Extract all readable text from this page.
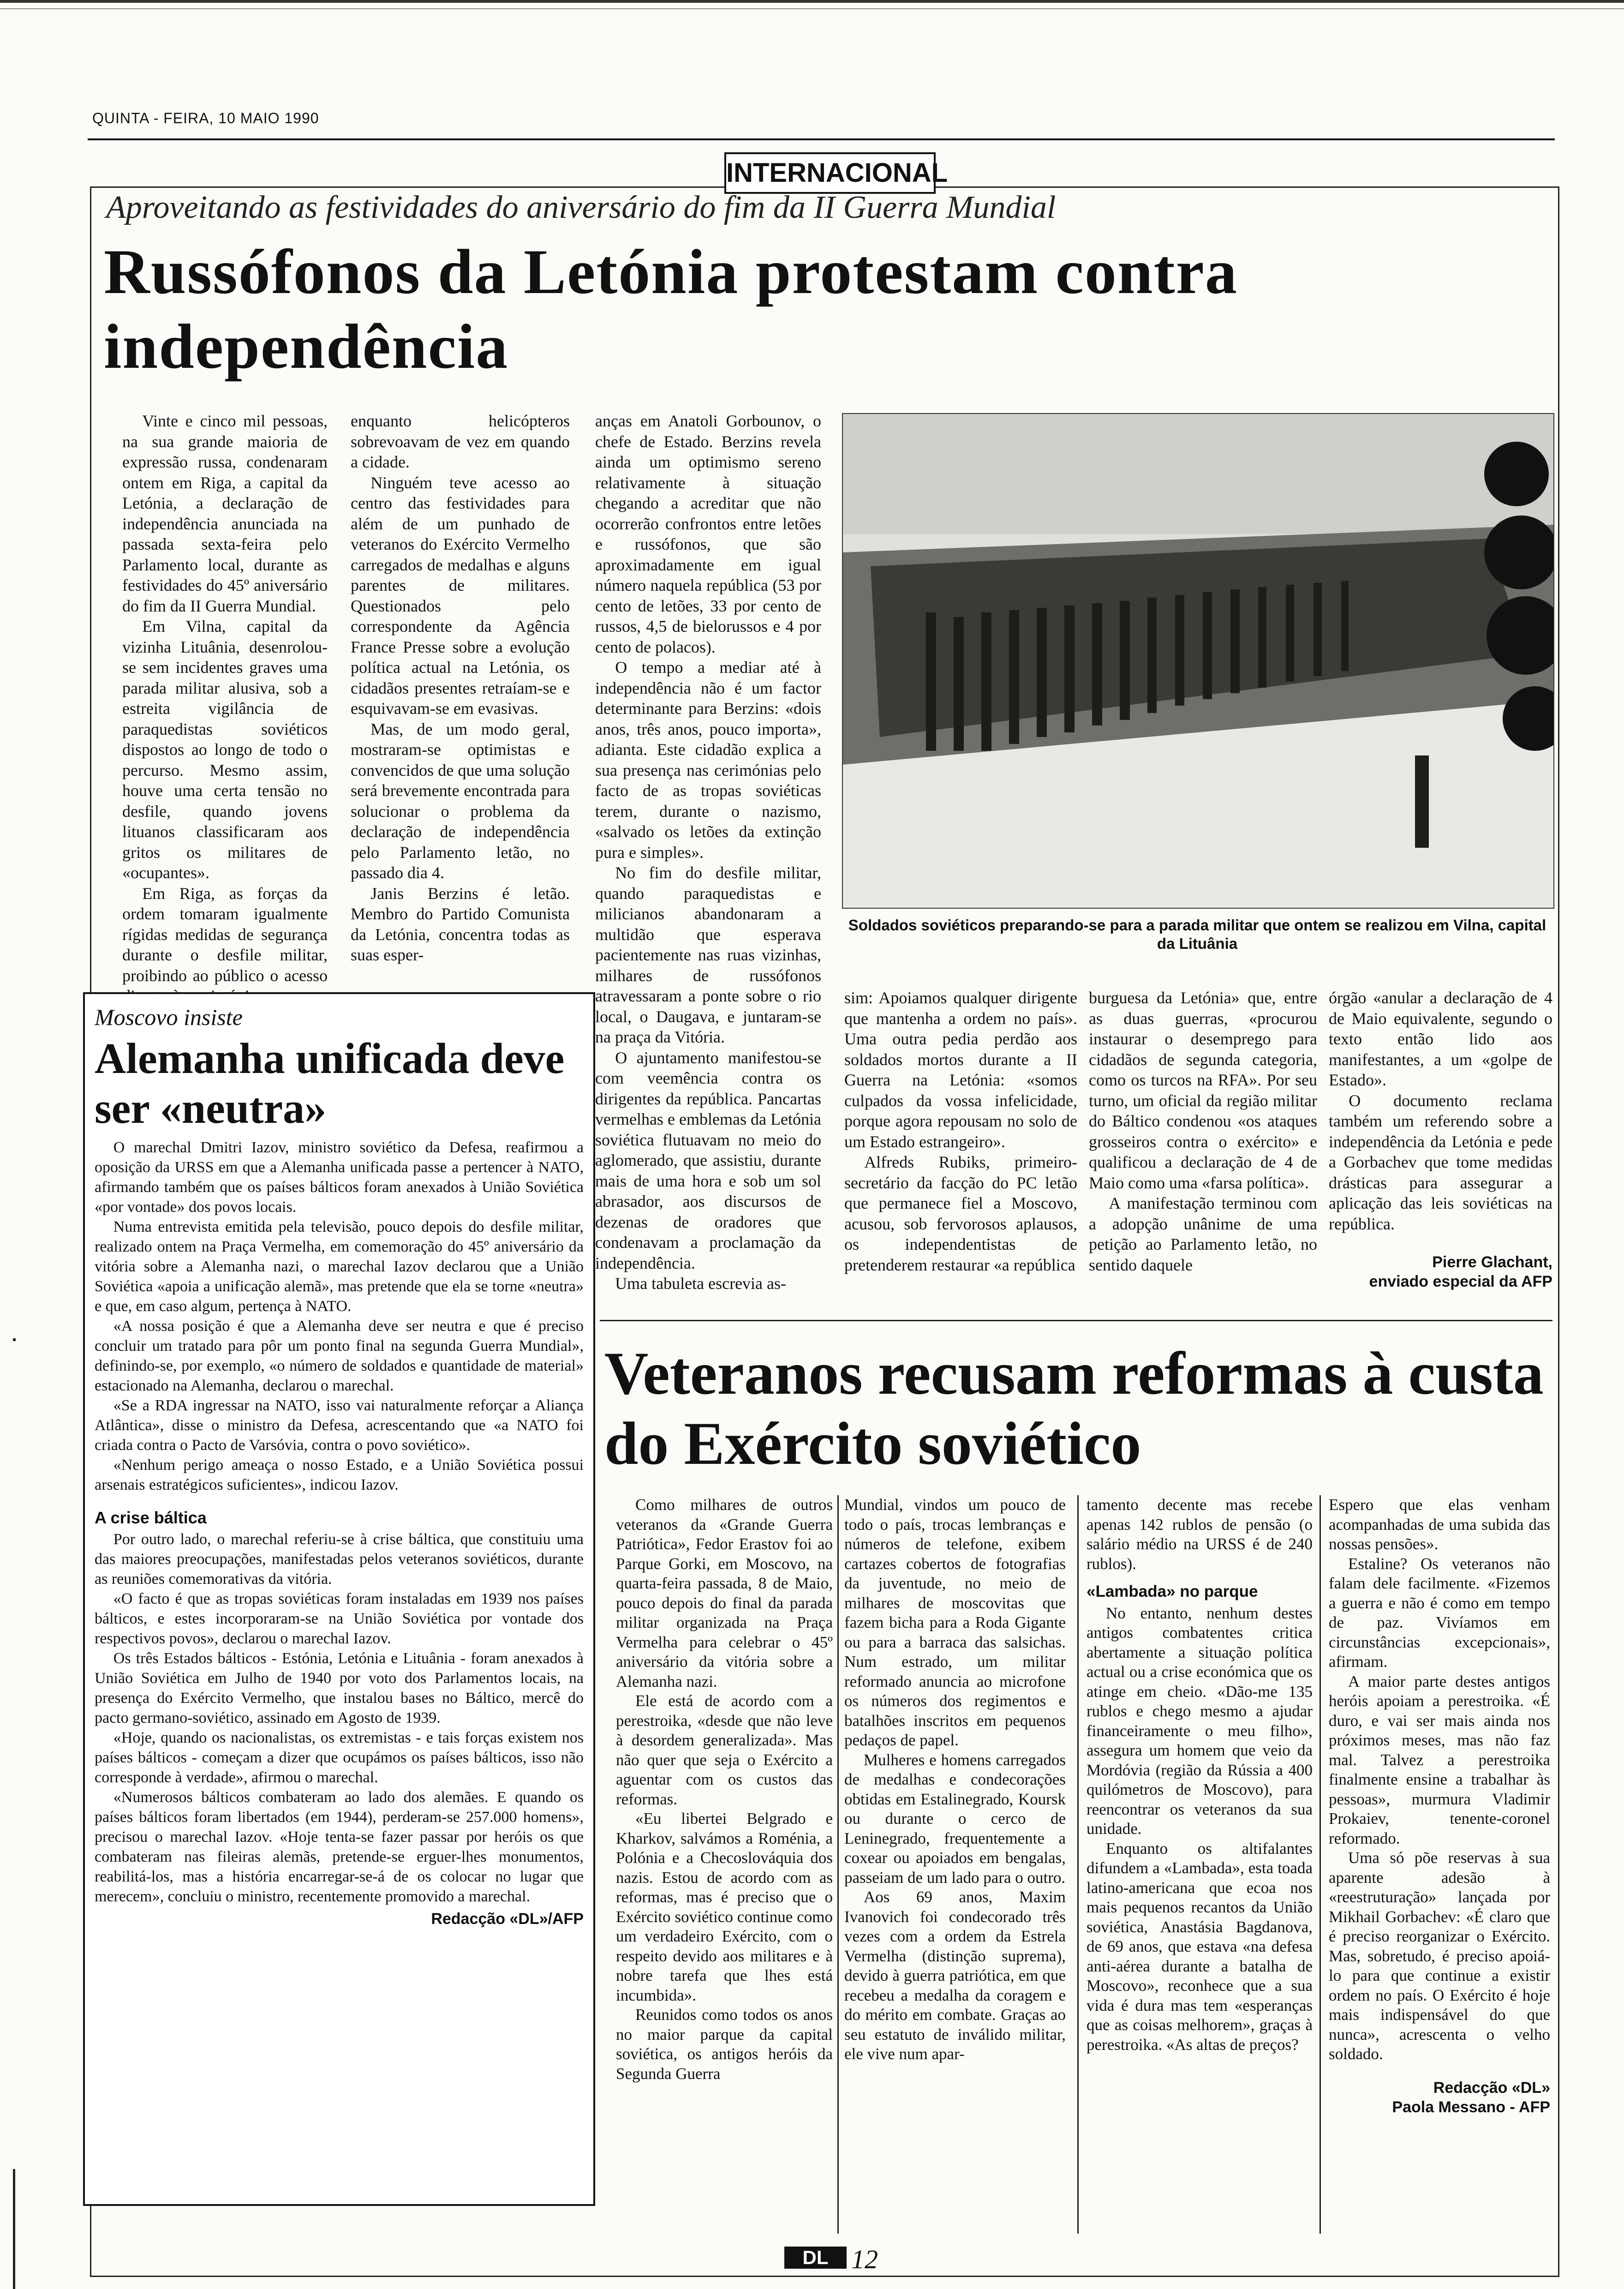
QUINTA - FEIRA, 10 MAIO 1990
INTERNACIONAL
Aproveitando as festividades do aniversário do fim da II Guerra Mundial
Russófonos da Letónia protestam contra independência

Vinte e cinco mil pessoas, na sua grande maioria de expressão russa, condenaram ontem em Riga, a capital da Letónia, a declaração de independência anunciada na passada sexta-feira pelo Parlamento local, durante as festividades do 45º aniversário do fim da II Guerra Mundial.

Em Vilna, capital da vizinha Lituânia, desenrolou-se sem incidentes graves uma parada militar alusiva, sob a estreita vigilância de paraquedistas soviéticos dispostos ao longo de todo o percurso. Mesmo assim, houve uma certa tensão no desfile, quando jovens lituanos classificaram aos gritos os militares de «ocupantes».

Em Riga, as forças da ordem tomaram igualmente rígidas medidas de segurança durante o desfile militar, proibindo ao público o acesso

enquanto helicópteros sobrevoavam de vez em quando a cidade.

Ninguém teve acesso ao centro das festividades para além de um punhado de veteranos do Exército Vermelho carregados de medalhas e alguns parentes de militares. Questionados pelo correspondente da Agência France Presse sobre a evolução política actual na Letónia, os cidadãos presentes retraíam-se e esquivavam-se em evasivas.

Mas, de um modo geral, mostraram-se optimistas e convencidos de que uma solução será brevemente encontrada para solucionar o problema da declaração de independência pelo Parlamento letão, no passado dia 4.

Janis Berzins é letão. Membro do Partido Comunista da Letónia, concentra todas as suas esper-

anças em Anatoli Gorbounov, o chefe de Estado. Berzins revela ainda um optimismo sereno relativamente à situação chegando a acreditar que não ocorrerão confrontos entre letões e russófonos, que são aproximadamente em igual número naquela república (53 por cento de letões, 33 por cento de russos, 4,5 de bielorussos e 4 por cento de polacos).

O tempo a mediar até à independência não é um factor determinante para Berzins: «dois anos, três anos, pouco importa», adianta. Este cidadão explica a sua presença nas cerimónias pelo facto de as tropas soviéticas terem, durante o nazismo, «salvado os letões da extinção pura e simples».

No fim do desfile militar, quando paraquedistas e milicianos abandonaram a multidão que esperava pacientemente nas ruas vizinhas, milhares de russófonos atravessaram a ponte sobre o rio local, o Daugava, e juntaram-se na praça da Vitória.

O ajuntamento manifestou-se com veemência contra os dirigentes da república. Pancartas vermelhas e emblemas da Letónia soviética flutuavam no meio do aglomerado, que assistiu, durante mais de uma hora e sob um sol abrasador, aos discursos de dezenas de oradores que condenavam a proclamação da independência.

Uma tabuleta escrevia as-

Soldados soviéticos preparando-se para a parada militar que ontem se realizou em Vilna, capital da Lituânia

sim: Apoiamos qualquer dirigente que mantenha a ordem no país». Uma outra pedia perdão aos soldados mortos durante a II Guerra na Letónia: «somos culpados da vossa infelicidade, porque agora repousam no solo de um Estado estrangeiro».

Alfreds Rubiks, primeiro-secretário da facção do PC letão que permanece fiel a Moscovo, acusou, sob fervorosos aplausos, os independentistas de pretenderem restaurar «a república

burguesa da Letónia» que, entre as duas guerras, «procurou instaurar o desemprego para cidadãos de segunda categoria, como os turcos na RFA». Por seu turno, um oficial da região militar do Báltico condenou «os ataques grosseiros contra o exército» e qualificou a declaração de 4 de Maio como uma «farsa política».

A manifestação terminou com a adopção unânime de uma petição ao Parlamento letão, no sentido daquele

órgão «anular a declaração de 4 de Maio equivalente, segundo o texto então lido aos manifestantes, a um «golpe de Estado».

O documento reclama também um referendo sobre a independência da Letónia e pede a Gorbachev que tome medidas drásticas para assegurar a aplicação das leis soviéticas na república.

Pierre Glachant,
enviado especial da AFP
Moscovo insiste
Alemanha unificada deve ser «neutra»

O marechal Dmitri Iazov, ministro soviético da Defesa, reafirmou a oposição da URSS em que a Alemanha unificada passe a pertencer à NATO, afirmando também que os países bálticos foram anexados à União Soviética «por vontade» dos povos locais.

Numa entrevista emitida pela televisão, pouco depois do desfile militar, realizado ontem na Praça Vermelha, em comemoração do 45º aniversário da vitória sobre a Alemanha nazi, o marechal Iazov declarou que a União Soviética «apoia a unificação alemã», mas pretende que ela se torne «neutra» e que, em caso algum, pertença à NATO.

«A nossa posição é que a Alemanha deve ser neutra e que é preciso concluir um tratado para pôr um ponto final na segunda Guerra Mundial», definindo-se, por exemplo, «o número de soldados e quantidade de material» estacionado na Alemanha, declarou o marechal.

«Se a RDA ingressar na NATO, isso vai naturalmente reforçar a Aliança Atlântica», disse o ministro da Defesa, acrescentando que «a NATO foi criada contra o Pacto de Varsóvia, contra o povo soviético».

«Nenhum perigo ameaça o nosso Estado, e a União Soviética possui arsenais estratégicos suficientes», indicou Iazov.

A crise báltica

Por outro lado, o marechal referiu-se à crise báltica, que constituiu uma das maiores preocupações, manifestadas pelos veteranos soviéticos, durante as reuniões comemorativas da vitória.

«O facto é que as tropas soviéticas foram instaladas em 1939 nos países bálticos, e estes incorporaram-se na União Soviética por vontade dos respectivos povos», declarou o marechal Iazov.

Os três Estados bálticos - Estónia, Letónia e Lituânia - foram anexados à União Soviética em Julho de 1940 por voto dos Parlamentos locais, na presença do Exército Vermelho, que instalou bases no Báltico, mercê do pacto germano-soviético, assinado em Agosto de 1939.

«Hoje, quando os nacionalistas, os extremistas - e tais forças existem nos países bálticos - começam a dizer que ocupámos os países bálticos, isso não corresponde à verdade», afirmou o marechal.

«Numerosos bálticos combateram ao lado dos alemães. E quando os países bálticos foram libertados (em 1944), perderam-se 257.000 homens», precisou o marechal Iazov. «Hoje tenta-se fazer passar por heróis os que combateram nas fileiras alemãs, pretende-se erguer-lhes monumentos, reabilitá-los, mas a história encarregar-se-á de os colocar no lugar que merecem», concluiu o ministro, recentemente promovido a marechal.

Redacção «DL»/AFP
Veteranos recusam reformas à custa do Exército soviético

Como milhares de outros veteranos da «Grande Guerra Patriótica», Fedor Erastov foi ao Parque Gorki, em Moscovo, na quarta-feira passada, 8 de Maio, pouco depois do final da parada militar organizada na Praça Vermelha para celebrar o 45º aniversário da vitória sobre a Alemanha nazi.

Ele está de acordo com a perestroika, «desde que não leve à desordem generalizada». Mas não quer que seja o Exército a aguentar com os custos das reformas.

«Eu libertei Belgrado e Kharkov, salvámos a Roménia, a Polónia e a Checoslováquia dos nazis. Estou de acordo com as reformas, mas é preciso que o Exército soviético continue como um verdadeiro Exército, com o respeito devido aos militares e à nobre tarefa que lhes está incumbida».

Reunidos como todos os anos no maior parque da capital soviética, os antigos heróis da Segunda Guerra

Mundial, vindos um pouco de todo o país, trocas lembranças e números de telefone, exibem cartazes cobertos de fotografias da juventude, no meio de milhares de moscovitas que fazem bicha para a Roda Gigante ou para a barraca das salsichas. Num estrado, um militar reformado anuncia ao microfone os números dos regimentos e batalhões inscritos em pequenos pedaços de papel.

Mulheres e homens carregados de medalhas e condecorações obtidas em Estalinegrado, Koursk ou durante o cerco de Leninegrado, frequentemente a coxear ou apoiados em bengalas, passeiam de um lado para o outro.

Aos 69 anos, Maxim Ivanovich foi condecorado três vezes com a ordem da Estrela Vermelha (distinção suprema), devido à guerra patriótica, em que recebeu a medalha da coragem e do mérito em combate. Graças ao seu estatuto de inválido militar, ele vive num apar-

tamento decente mas recebe apenas 142 rublos de pensão (o salário médio na URSS é de 240 rublos).

«Lambada» no parque

No entanto, nenhum destes antigos combatentes critica abertamente a situação política actual ou a crise económica que os atinge em cheio. «Dão-me 135 rublos e chego mesmo a ajudar financeiramente o meu filho», assegura um homem que veio da Mordóvia (região da Rússia a 400 quilómetros de Moscovo), para reencontrar os veteranos da sua unidade.

Enquanto os altifalantes difundem a «Lambada», esta toada latino-americana que ecoa nos mais pequenos recantos da União soviética, Anastásia Bagdanova, de 69 anos, que estava «na defesa anti-aérea durante a batalha de Moscovo», reconhece que a sua vida é dura mas tem «esperanças que as coisas melhorem», graças à perestroika. «As altas de preços?

Espero que elas venham acompanhadas de uma subida das nossas pensões».

Estaline? Os veteranos não falam dele facilmente. «Fizemos a guerra e não é como em tempo de paz. Vivíamos em circunstâncias excepcionais», afirmam.

A maior parte destes antigos heróis apoiam a perestroika. «É duro, e vai ser mais ainda nos próximos meses, mas não faz mal. Talvez a perestroika finalmente ensine a trabalhar às pessoas», murmura Vladimir Prokaiev, tenente-coronel reformado.

Uma só põe reservas à sua aparente adesão à «reestruturação» lançada por Mikhail Gorbachev: «É claro que é preciso reorganizar o Exército. Mas, sobretudo, é preciso apoiá-lo para que continue a existir ordem no país. O Exército é hoje mais indispensável do que nunca», acrescenta o velho soldado.

Redacção «DL»
Paola Messano - AFP
DL 12
